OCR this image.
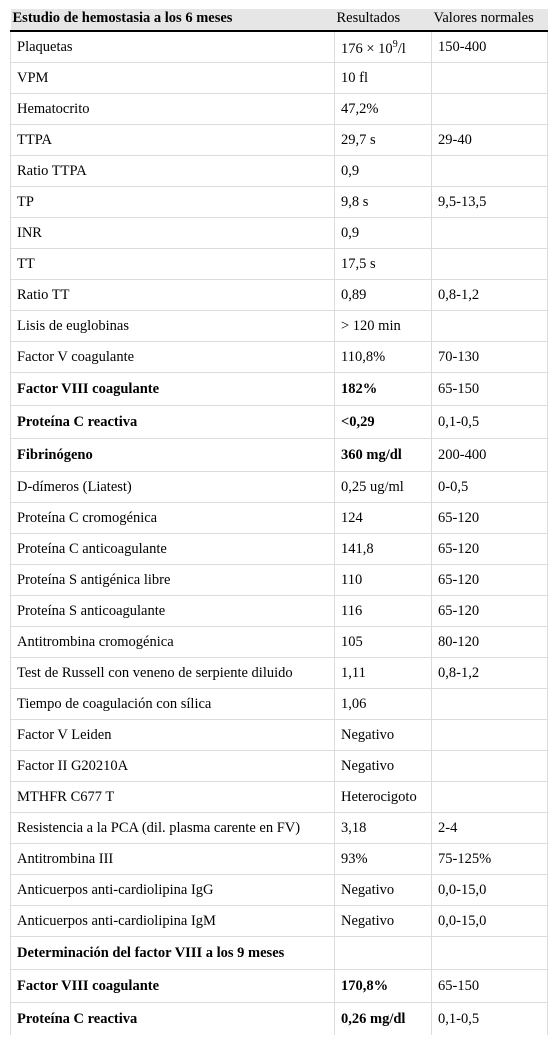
Estudio de hemostasia a los 6 meses	Resultados	Valores normales
Plaquetas	$176 \times 10^9/l$	150-400
VPM	10 fl	
Hematocrito	47,2%	
TTPA	29,7 s	29-40
Ratio TTPA	0,9	
TP	9,8 s	9,5-13,5
INR	0,9	
TT	17,5 s	
Ratio TT	0,89	0,8-1,2
Lisis de euglobinas	> 120 min	
Factor V coagulante	110,8%	70-130
Factor VIII coagulante	182%	65-150
Proteína C reactiva	<0,29	0,1-0,5
Fibrinógeno	360 mg/dl	200-400
D-dímeros (Liatest)	0,25 ug/ml	0-0,5
Proteína C cromogénica	124	65-120
Proteína C anticoagulante	141,8	65-120
Proteína S antigénica libre	110	65-120
Proteína S anticoagulante	116	65-120
Antitrombina cromogénica	105	80-120
Test de Russell con veneno de serpiente diluido	1,11	0,8-1,2
Tiempo de coagulación con sílica	1,06	
Factor V Leiden	Negativo	
Factor II G20210A	Negativo	
MTHFR C677 T	Heterocigoto	
Resistencia a la PCA (dil. plasma carente en FV)	3,18	2-4
Antitrombina III	93%	75-125%
Anticuerpos anti-cardiolipina IgG	Negativo	0,0-15,0
Anticuerpos anti-cardiolipina IgM	Negativo	0,0-15,0
Determinación del factor VIII a los 9 meses		
Factor VIII coagulante	170,8%	65-150
Proteína C reactiva	0,26 mg/dl	0,1-0,5
